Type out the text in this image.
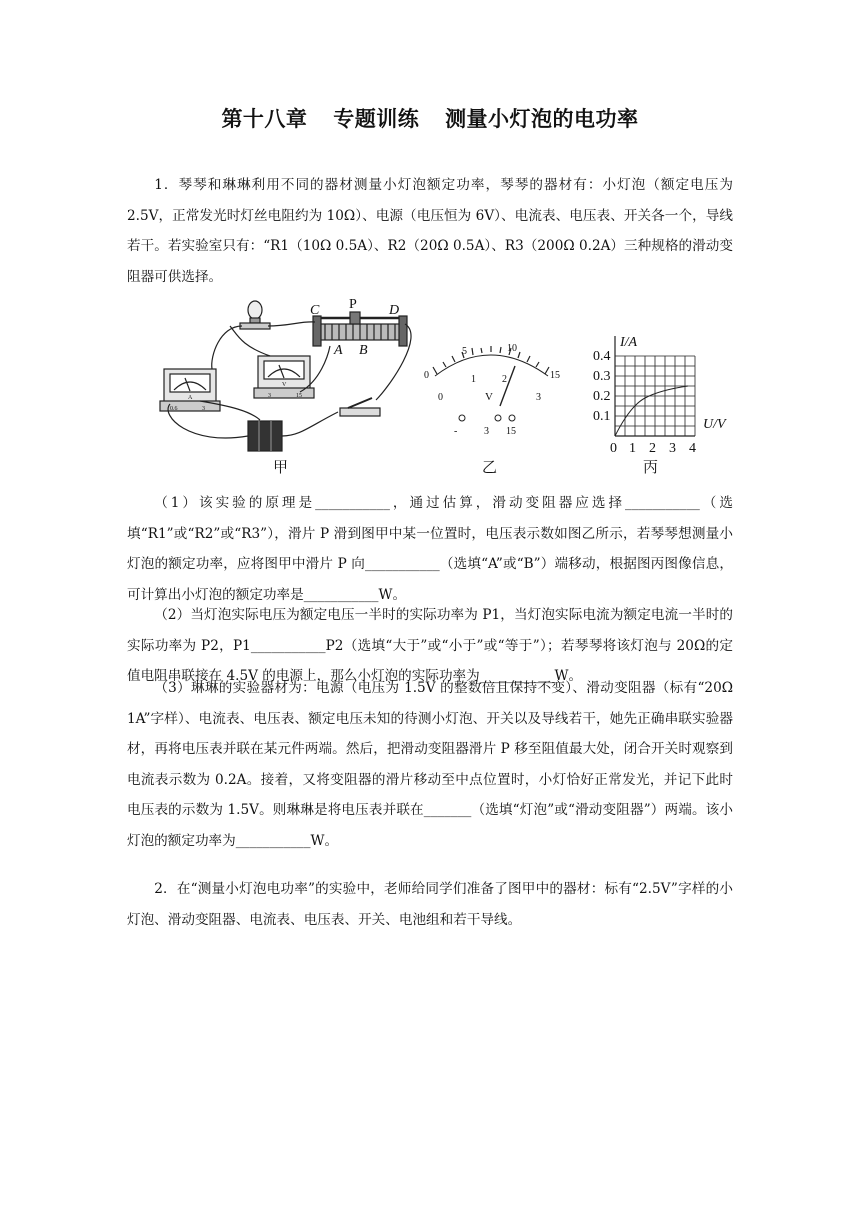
第十八章 专题训练 测量小灯泡的电功率
1．琴琴和琳琳利用不同的器材测量小灯泡额定功率，琴琴的器材有：小灯泡（额定电压为 2.5V，正常发光时灯丝电阻约为 10Ω）、电源（电压恒为 6V）、电流表、电压表、开关各一个，导线若干。若实验室只有：“R1（10Ω 0.5A）、R2（20Ω 0.5A）、R3（200Ω 0.2A）三种规格的滑动变阻器可供选择。
C P D
A B
0.6	3
3	15
A
V
0
5	10
15
0
1	2
3
V
-	3 15
I/A
U/V
0.4
0.3
0.2
0.1
0 1 2 3 4
甲	乙	丙
（1）该实验的原理是___________，通过估算，滑动变阻器应选择___________（选填“R1”或“R2”或“R3”），滑片 P 滑到图甲中某一位置时，电压表示数如图乙所示，若琴琴想测量小灯泡的额定功率，应将图甲中滑片 P 向___________（选填“A”或“B”）端移动，根据图丙图像信息，可计算出小灯泡的额定功率是___________W。
（2）当灯泡实际电压为额定电压一半时的实际功率为 P1，当灯泡实际电流为额定电流一半时的实际功率为 P2，P1___________P2（选填“大于”或“小于”或“等于”）；若琴琴将该灯泡与 20Ω的定值电阻串联接在 4.5V 的电源上，那么小灯泡的实际功率为___________W。
（3）琳琳的实验器材为：电源（电压为 1.5V 的整数倍且保持不变）、滑动变阻器（标有“20Ω　1A”字样）、电流表、电压表、额定电压未知的待测小灯泡、开关以及导线若干，她先正确串联实验器材，再将电压表并联在某元件两端。然后，把滑动变阻器滑片 P 移至阻值最大处，闭合开关时观察到电流表示数为 0.2A。接着，又将变阻器的滑片移动至中点位置时，小灯恰好正常发光，并记下此时电压表的示数为 1.5V。则琳琳是将电压表并联在_______（选填“灯泡”或“滑动变阻器”）两端。该小灯泡的额定功率为___________W。
2．在“测量小灯泡电功率”的实验中，老师给同学们准备了图甲中的器材：标有“2.5V”字样的小灯泡、滑动变阻器、电流表、电压表、开关、电池组和若干导线。
